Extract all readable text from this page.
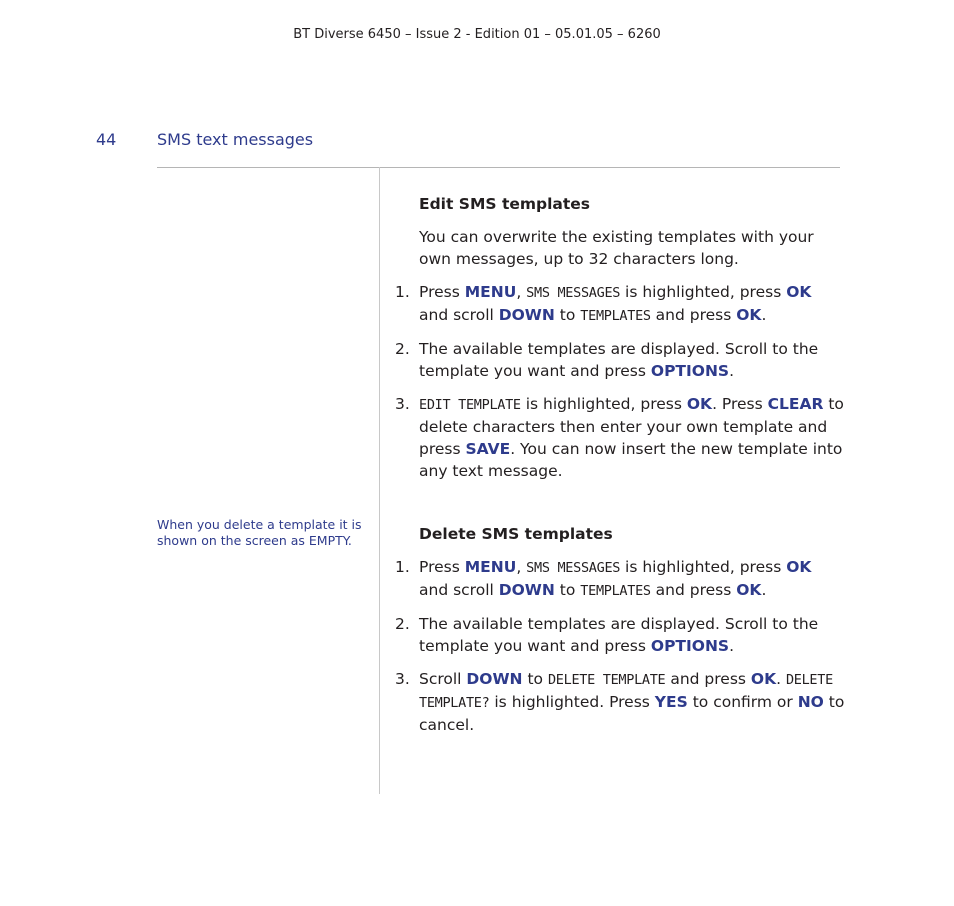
BT Diverse 6450 – Issue 2 - Edition 01 – 05.01.05 – 6260
44	SMS text messages
When you delete a template it is shown on the screen as EMPTY.
Edit SMS templates
You can overwrite the existing templates with your own messages, up to 32 characters long.
1. Press MENU, SMS MESSAGES is highlighted, press OK and scroll DOWN to TEMPLATES and press OK.
2. The available templates are displayed. Scroll to the template you want and press OPTIONS.
3. EDIT TEMPLATE is highlighted, press OK. Press CLEAR to delete characters then enter your own template and press SAVE. You can now insert the new template into any text message.
Delete SMS templates
1. Press MENU, SMS MESSAGES is highlighted, press OK and scroll DOWN to TEMPLATES and press OK.
2. The available templates are displayed. Scroll to the template you want and press OPTIONS.
3. Scroll DOWN to DELETE TEMPLATE and press OK. DELETE TEMPLATE? is highlighted. Press YES to confirm or NO to cancel.
